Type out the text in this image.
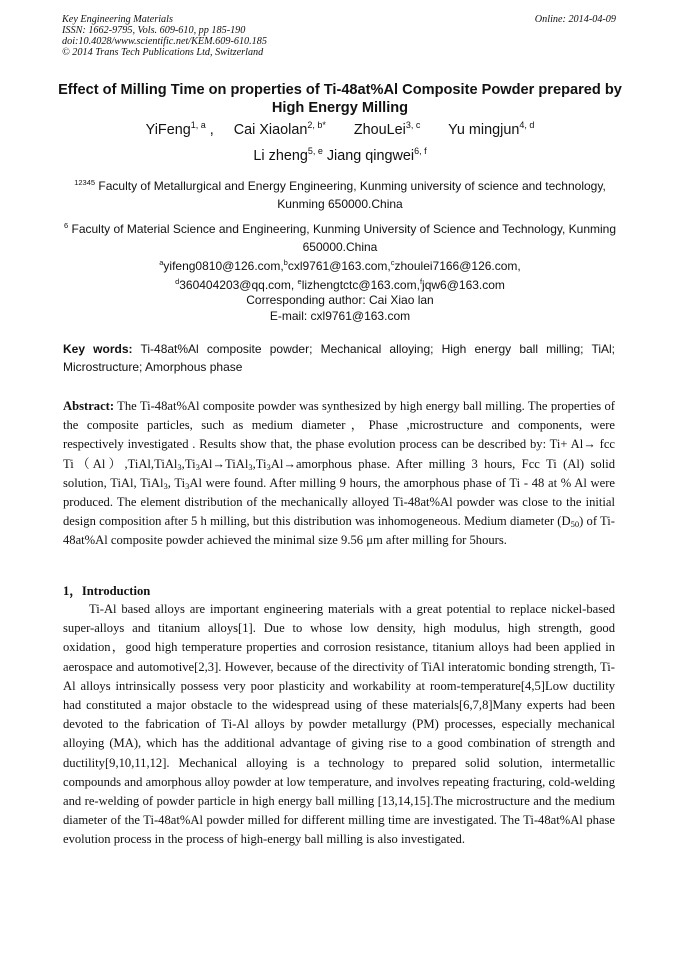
Key Engineering Materials
ISSN: 1662-9795, Vols. 609-610, pp 185-190
doi:10.4028/www.scientific.net/KEM.609-610.185
© 2014 Trans Tech Publications Ltd, Switzerland
Online: 2014-04-09
Effect of Milling Time on properties of Ti-48at%Al Composite Powder prepared by High Energy Milling
YiFeng$^{1, a}$ ,     Cai Xiaolan$^{2, b*}$ ZhouLei$^{3, c}$ Yu mingjun$^{4, d}$
Li zheng$^{5, e}$ Jiang qingwei$^{6, f}$
$^{12345}$ Faculty of Metallurgical and Energy Engineering, Kunming university of science and technology, Kunming 650000.China
$^6$ Faculty of Material Science and Engineering, Kunming University of Science and Technology, Kunming 650000.China
$^a$yifeng0810@126.com,$^b$cxl9761@163.com,$^c$zhoulei7166@126.com,
$^d$360404203@qq.com, $^e$lizhengtctc@163.com,$^f$jqw6@163.com
Corresponding author: Cai Xiao lan
E-mail: cxl9761@163.com
Key words: Ti-48at%Al composite powder; Mechanical alloying; High energy ball milling; TiAl; Microstructure; Amorphous phase
Abstract: The Ti-48at%Al composite powder was synthesized by high energy ball milling. The properties of the composite particles, such as medium diameter，Phase ,microstructure and components, were respectively investigated . Results show that, the phase evolution process can be described by: Ti+ Al→ fcc $Ti(Al),TiAl,TiAl_3,Ti_3Al\to TiAl_3,Ti_3Al\to amorphous$ phase. After milling 3 hours, Fcc Ti (Al) solid solution, TiAl, TiAl$_3$, $Ti_3Al$ were found. After milling 9 hours, the amorphous phase of Ti - 48 at % Al were produced. The element distribution of the mechanically alloyed Ti-48at%Al powder was close to the initial design composition after 5 h milling, but this distribution was inhomogeneous. Medium diameter $(D_{50})$ of Ti-48at%Al composite powder achieved the minimal size 9.56 μm after milling for 5hours.
1，Introduction
Ti-Al based alloys are important engineering materials with a great potential to replace nickel-based super-alloys and titanium alloys[1]. Due to whose low density, high modulus, high strength, good oxidation，good high temperature properties and corrosion resistance, titanium alloys had been applied in aerospace and automotive[2,3]. However, because of the directivity of TiAl interatomic bonding strength, Ti-Al alloys intrinsically possess very poor plasticity and workability at room-temperature[4,5]Low ductility had constituted a major obstacle to the widespread using of these materials[6,7,8]Many experts had been devoted to the fabrication of Ti-Al alloys by powder metallurgy (PM) processes, especially mechanical alloying (MA), which has the additional advantage of giving rise to a good combination of strength and ductility[9,10,11,12]. Mechanical alloying is a technology to prepared solid solution, intermetallic compounds and amorphous alloy powder at low temperature, and involves repeating fracturing, cold-welding and re-welding of powder particle in high energy ball milling [13,14,15].The microstructure and the medium diameter of the Ti-48at%Al powder milled for different milling time are investigated. The Ti-48at%Al phase evolution process in the process of high-energy ball milling is also investigated.
